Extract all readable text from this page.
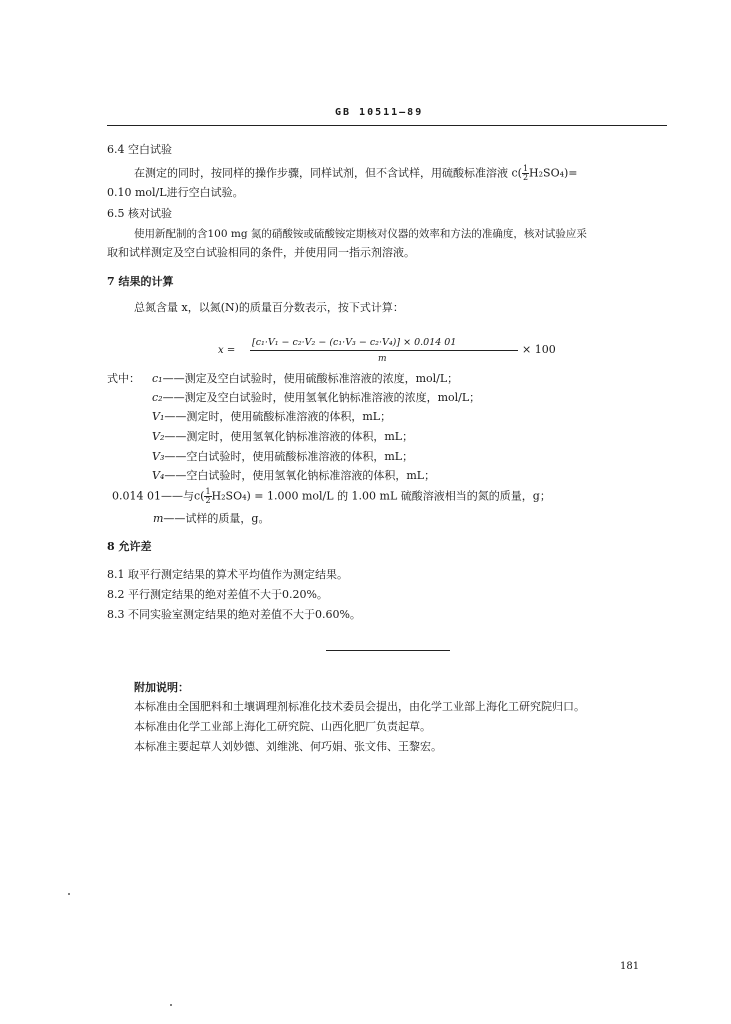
GB 10511—89
6.4 空白试验
在测定的同时，按同样的操作步骤，同样试剂，但不含试样，用硫酸标准溶液 $c( \frac{1}{2} H_2SO_4)=$
0.10 mol/L进行空白试验。
6.5 核对试验
使用新配制的含100 mg 氮的硝酸铵或硫酸铵定期核对仪器的效率和方法的准确度，核对试验应采
取和试样测定及空白试验相同的条件，并使用同一指示剂溶液。
7 结果的计算
总氮含量 x，以氮(N)的质量百分数表示，按下式计算：
x =
[c₁·V₁ − c₂·V₂ − (c₁·V₃ − c₂·V₄)] × 0.014 01
m
× 100
式中： c₁——测定及空白试验时，使用硫酸标准溶液的浓度，mol/L；
c₂——测定及空白试验时，使用氢氧化钠标准溶液的浓度，mol/L；
V₁——测定时，使用硫酸标准溶液的体积，mL；
V₂——测定时，使用氢氧化钠标准溶液的体积，mL；
V₃——空白试验时，使用硫酸标准溶液的体积，mL；
V₄——空白试验时，使用氢氧化钠标准溶液的体积，mL；
0.014 01——与$c( \frac{1}{2} H_2SO_4) = 1.000$ mol/L 的 1.00 mL 硫酸溶液相当的氮的质量，g；
m——试样的质量，g。
8 允许差
8.1 取平行测定结果的算术平均值作为测定结果。
8.2 平行测定结果的绝对差值不大于0.20%。
8.3 不同实验室测定结果的绝对差值不大于0.60%。
附加说明：
本标准由全国肥料和土壤调理剂标准化技术委员会提出，由化学工业部上海化工研究院归口。
本标准由化学工业部上海化工研究院、山西化肥厂负责起草。
本标准主要起草人刘妙德、刘维洮、何巧娟、张文伟、王黎宏。
181
